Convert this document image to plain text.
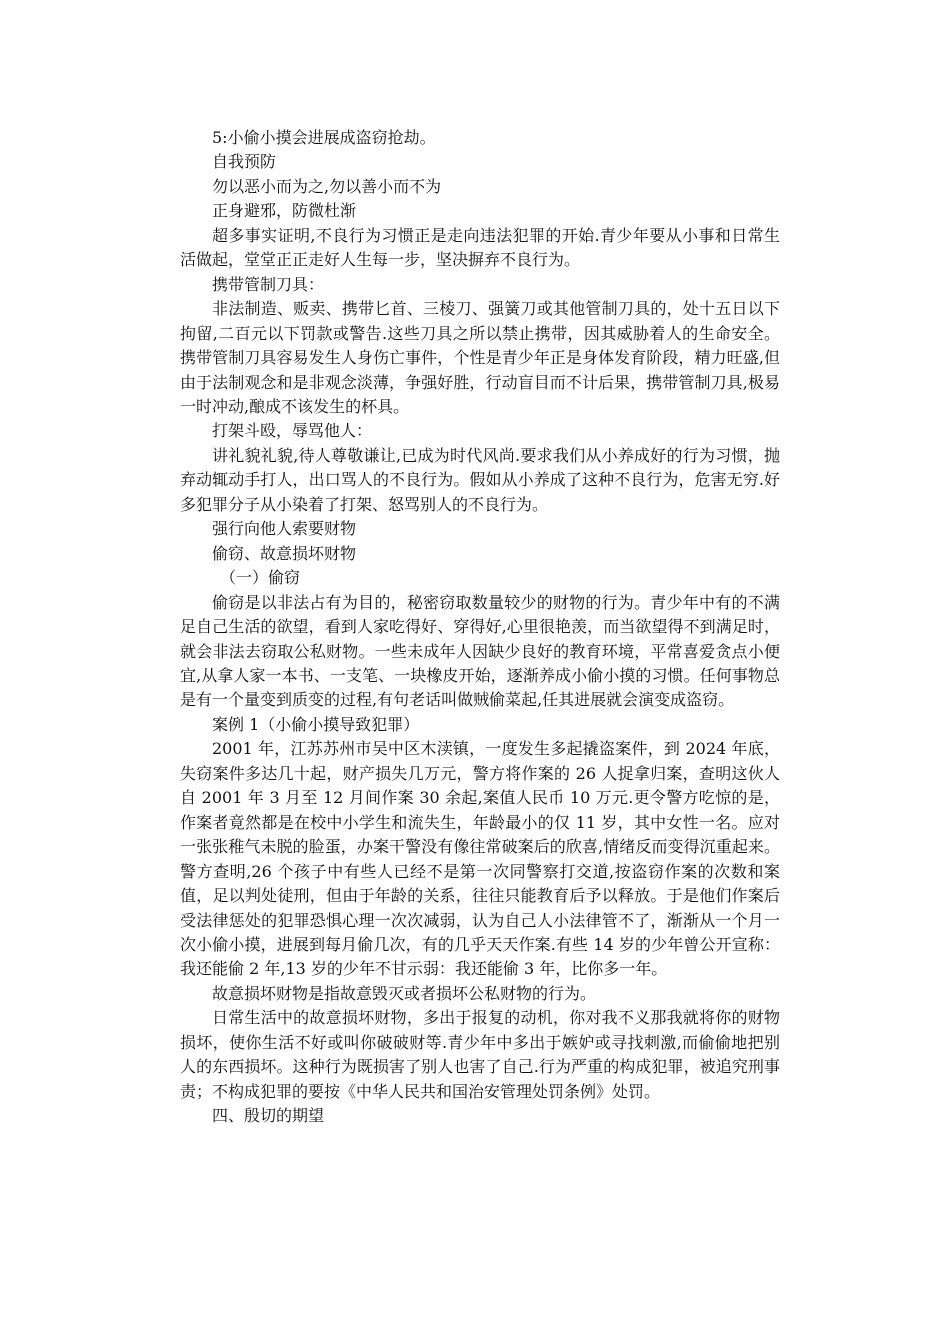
5:小偷小摸会进展成盗窃抢劫。

自我预防

勿以恶小而为之,勿以善小而不为

正身避邪，防微杜渐

超多事实证明,不良行为习惯正是走向违法犯罪的开始.青少年要从小事和日常生活做起，堂堂正正走好人生每一步，坚决摒弃不良行为。

携带管制刀具：

非法制造、贩卖、携带匕首、三棱刀、强簧刀或其他管制刀具的，处十五日以下拘留,二百元以下罚款或警告.这些刀具之所以禁止携带，因其威胁着人的生命安全。携带管制刀具容易发生人身伤亡事件，个性是青少年正是身体发育阶段，精力旺盛,但由于法制观念和是非观念淡薄，争强好胜，行动盲目而不计后果，携带管制刀具,极易一时冲动,酿成不该发生的杯具。

打架斗殴，辱骂他人：

讲礼貌礼貌,待人尊敬谦让,已成为时代风尚.要求我们从小养成好的行为习惯，抛弃动辄动手打人，出口骂人的不良行为。假如从小养成了这种不良行为，危害无穷.好多犯罪分子从小染着了打架、怒骂别人的不良行为。

强行向他人索要财物

偷窃、故意损坏财物

（一）偷窃

偷窃是以非法占有为目的，秘密窃取数量较少的财物的行为。青少年中有的不满足自己生活的欲望，看到人家吃得好、穿得好,心里很艳羡，而当欲望得不到满足时，就会非法去窃取公私财物。一些未成年人因缺少良好的教育环境，平常喜爱贪点小便宜,从拿人家一本书、一支笔、一块橡皮开始，逐渐养成小偷小摸的习惯。任何事物总是有一个量变到质变的过程,有句老话叫做贼偷菜起,任其进展就会演变成盗窃。

案例 1（小偷小摸导致犯罪）

2001 年，江苏苏州市吴中区木渎镇，一度发生多起撬盗案件，到 2024 年底，失窃案件多达几十起，财产损失几万元，警方将作案的 26 人捉拿归案，查明这伙人自 2001 年 3 月至 12 月间作案 30 余起,案值人民币 10 万元.更令警方吃惊的是，作案者竟然都是在校中小学生和流失生，年龄最小的仅 11 岁，其中女性一名。应对一张张稚气未脱的脸蛋，办案干警没有像往常破案后的欣喜,情绪反而变得沉重起来。警方查明,26 个孩子中有些人已经不是第一次同警察打交道,按盗窃作案的次数和案值，足以判处徒刑，但由于年龄的关系，往往只能教育后予以释放。于是他们作案后受法律惩处的犯罪恐惧心理一次次减弱，认为自己人小法律管不了，渐渐从一个月一次小偷小摸，进展到每月偷几次，有的几乎天天作案.有些 14 岁的少年曾公开宣称：我还能偷 2 年,13 岁的少年不甘示弱：我还能偷 3 年，比你多一年。

故意损坏财物是指故意毁灭或者损坏公私财物的行为。

日常生活中的故意损坏财物，多出于报复的动机，你对我不义那我就将你的财物损坏，使你生活不好或叫你破破财等.青少年中多出于嫉妒或寻找刺激,而偷偷地把别人的东西损坏。这种行为既损害了别人也害了自己.行为严重的构成犯罪，被追究刑事责；不构成犯罪的要按《中华人民共和国治安管理处罚条例》处罚。

四、殷切的期望
